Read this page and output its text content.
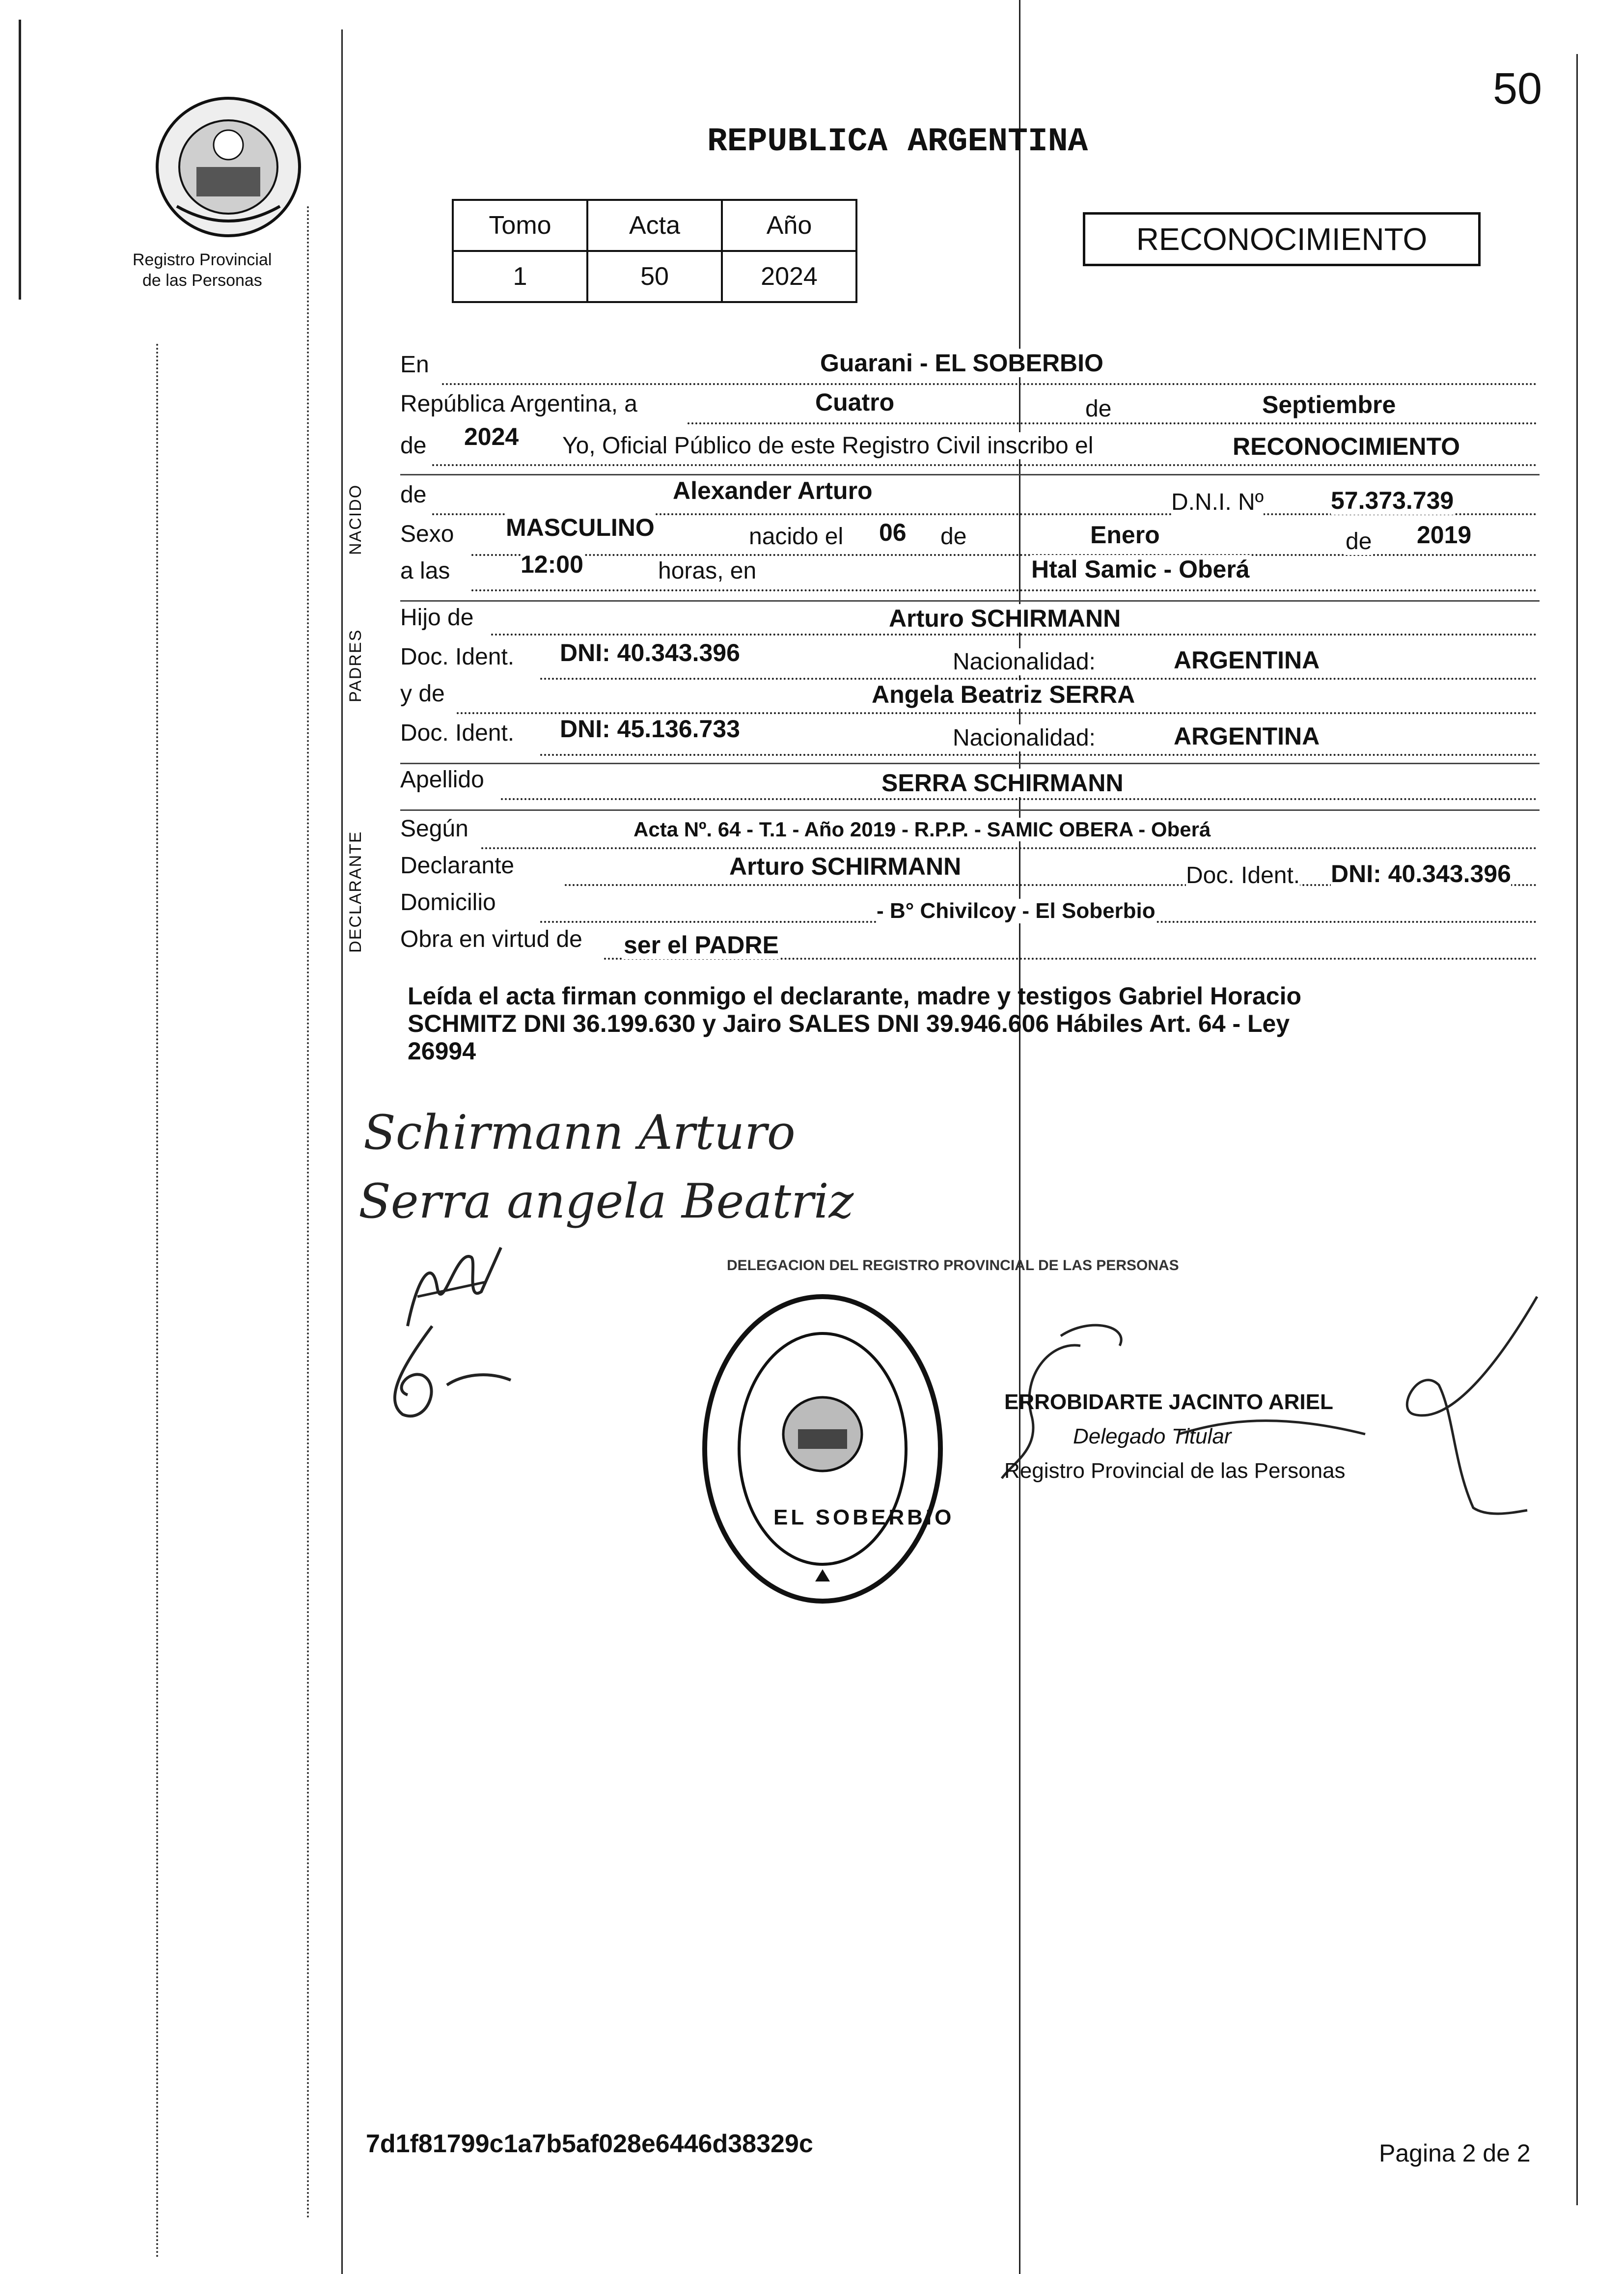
50
Registro Provincial
de las Personas
REPUBLICA ARGENTINA
Tomo	Acta	Año
1	50	2024
RECONOCIMIENTO
NACIDO
PADRES
DECLARANTE
En	Guarani - EL SOBERBIO
República Argentina, a	Cuatro	de	Septiembre
de 2024 Yo, Oficial Público de este Registro Civil inscribo el	RECONOCIMIENTO
de	Alexander Arturo	D.N.I. Nº	57.373.739
Sexo MASCULINO	nacido el 06 de	Enero	de 2019
a las	12:00	horas, en	Htal Samic - Oberá
Hijo de	Arturo SCHIRMANN
Doc. Ident. DNI: 40.343.396	Nacionalidad:	ARGENTINA
y de	Angela Beatriz SERRA
Doc. Ident. DNI: 45.136.733	Nacionalidad:	ARGENTINA
Apellido	SERRA SCHIRMANN
Según	Acta Nº. 64 - T.1 - Año 2019 - R.P.P. - SAMIC OBERA - Oberá
Declarante	Arturo SCHIRMANN	Doc. Ident. DNI: 40.343.396
Domicilio	- B° Chivilcoy - El Soberbio
Obra en virtud de ser el PADRE
Leída el acta firman conmigo el declarante, madre y testigos Gabriel Horacio
SCHMITZ DNI 36.199.630 y Jairo SALES DNI 39.946.606 Hábiles Art. 64 - Ley
26994
Schirmann Arturo
Serra angela Beatriz
DELEGACION DEL REGISTRO PROVINCIAL DE LAS PERSONAS
EL SOBERBIO
ERROBIDARTE JACINTO ARIEL
Delegado Titular
Registro Provincial de las Personas
7d1f81799c1a7b5af028e6446d38329c	Pagina 2 de 2
